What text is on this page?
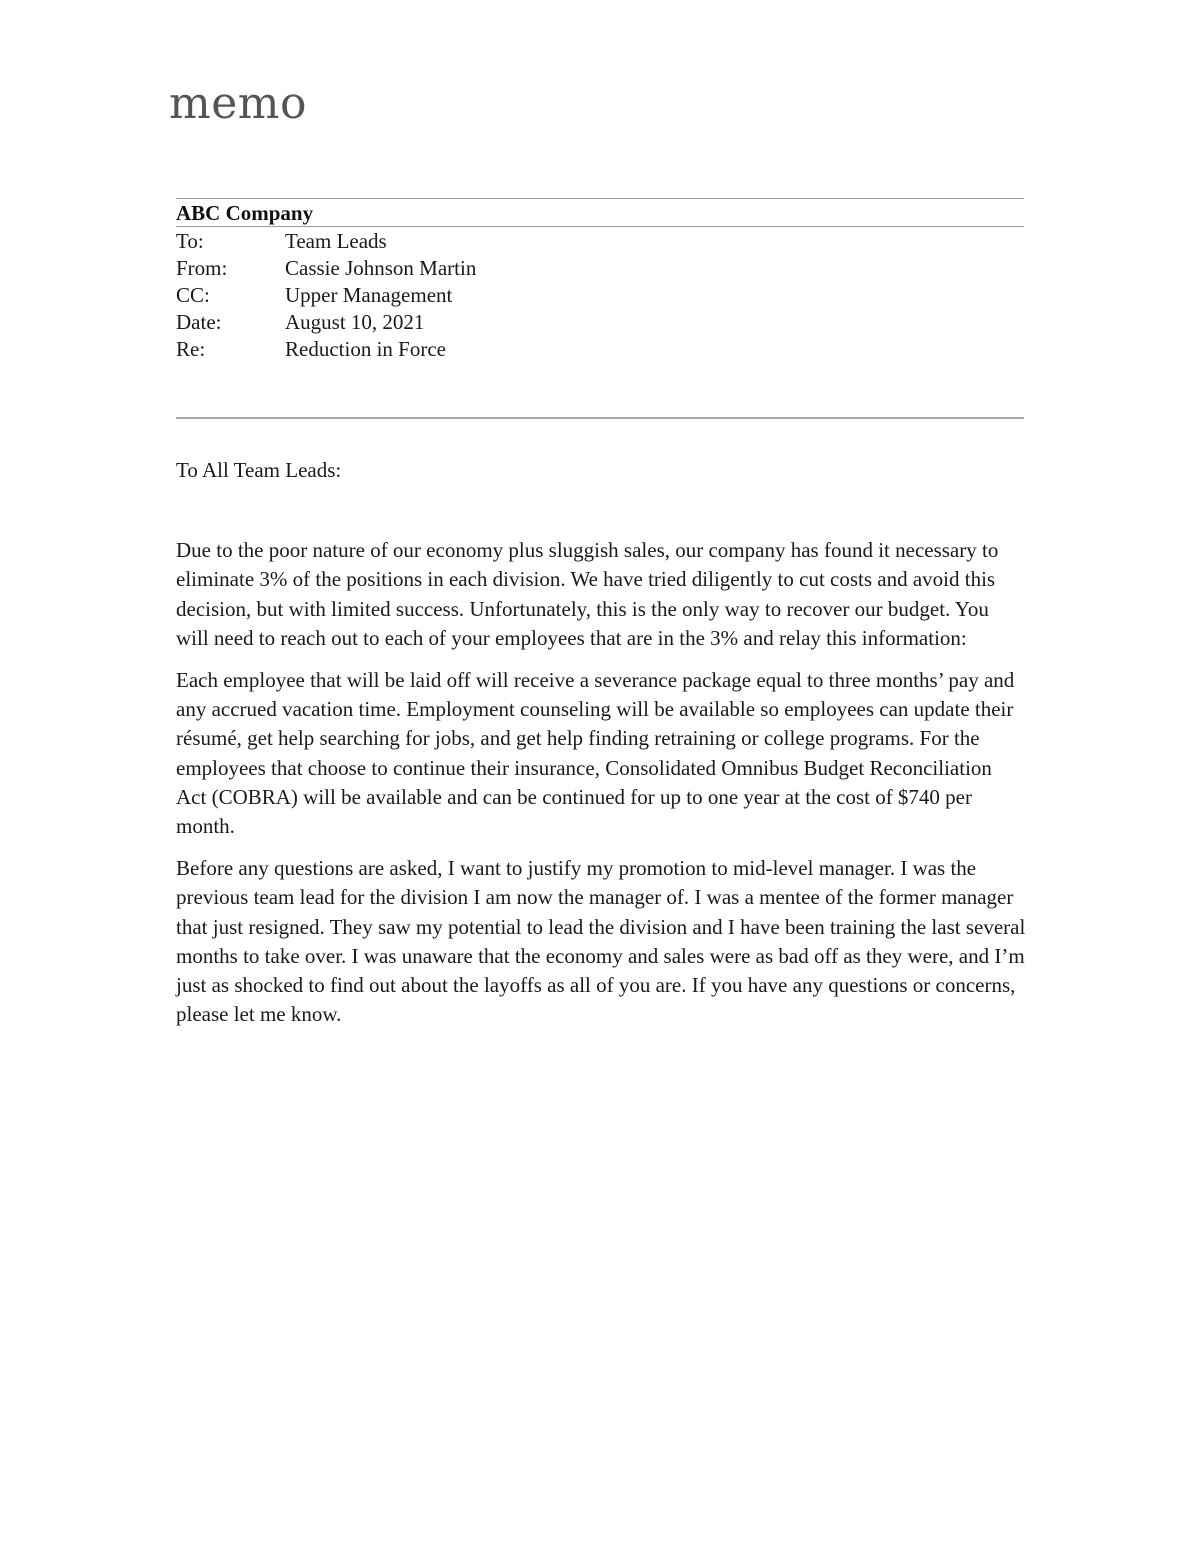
memo
ABC Company
To:	Team Leads
From:	Cassie Johnson Martin
CC:	Upper Management
Date:	August 10, 2021
Re:	Reduction in Force

To All Team Leads:

Due to the poor nature of our economy plus sluggish sales, our company has found it necessary to eliminate 3% of the positions in each division. We have tried diligently to cut costs and avoid this decision, but with limited success. Unfortunately, this is the only way to recover our budget. You will need to reach out to each of your employees that are in the 3% and relay this information:

Each employee that will be laid off will receive a severance package equal to three months’ pay and any accrued vacation time. Employment counseling will be available so employees can update their résumé, get help searching for jobs, and get help finding retraining or college programs. For the employees that choose to continue their insurance, Consolidated Omnibus Budget Reconciliation Act (COBRA) will be available and can be continued for up to one year at the cost of $740 per month.

Before any questions are asked, I want to justify my promotion to mid-level manager. I was the previous team lead for the division I am now the manager of. I was a mentee of the former manager that just resigned. They saw my potential to lead the division and I have been training the last several months to take over. I was unaware that the economy and sales were as bad off as they were, and I’m just as shocked to find out about the layoffs as all of you are. If you have any questions or concerns, please let me know.
